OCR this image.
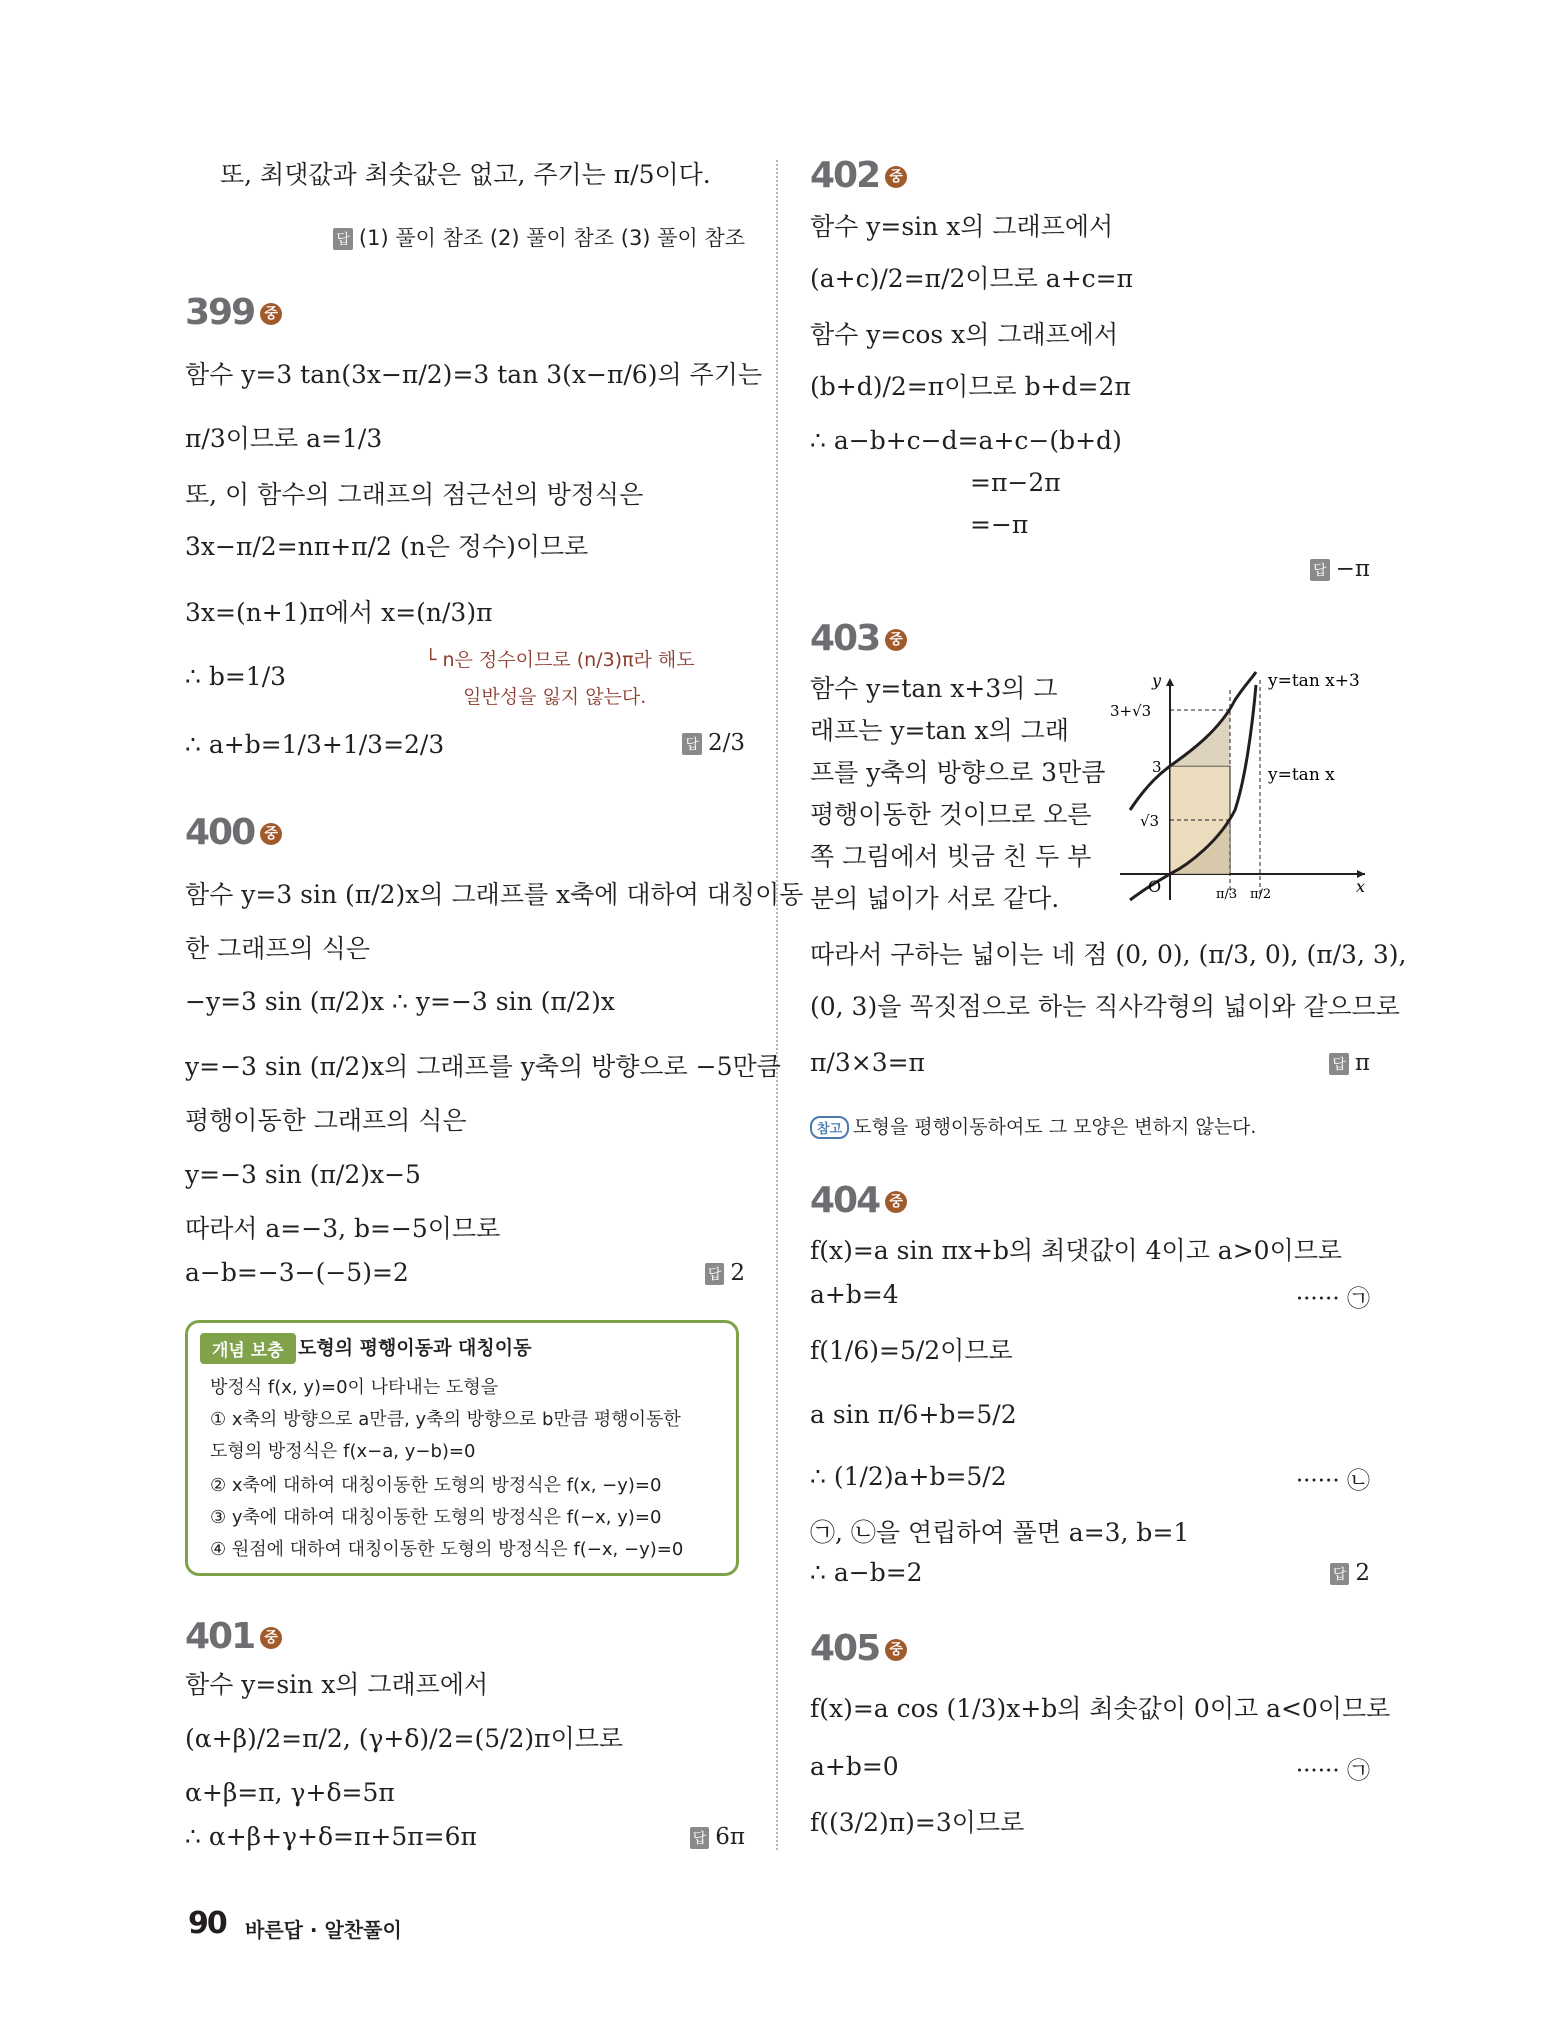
또, 최댓값과 최솟값은 없고, 주기는 π/5이다.
답 (1) 풀이 참조 (2) 풀이 참조 (3) 풀이 참조
399 중
함수 y=3 tan(3x−π/2)=3 tan 3(x−π/6)의 주기는
π/3이므로 a=1/3
또, 이 함수의 그래프의 점근선의 방정식은
3x−π/2=nπ+π/2 (n은 정수)이므로
3x=(n+1)π에서 x=(n/3)π
└ n은 정수이므로 (n/3)π라 해도
∴ b=1/3
일반성을 잃지 않는다.
∴ a+b=1/3+1/3=2/3	답 2/3
400 중
함수 y=3 sin (π/2)x의 그래프를 x축에 대하여 대칭이동
한 그래프의 식은
−y=3 sin (π/2)x ∴ y=−3 sin (π/2)x
y=−3 sin (π/2)x의 그래프를 y축의 방향으로 −5만큼
평행이동한 그래프의 식은
y=−3 sin (π/2)x−5
따라서 a=−3, b=−5이므로
a−b=−3−(−5)=2	답 2
개념 보충 도형의 평행이동과 대칭이동
방정식 f(x, y)=0이 나타내는 도형을
① x축의 방향으로 a만큼, y축의 방향으로 b만큼 평행이동한
도형의 방정식은 f(x−a, y−b)=0
② x축에 대하여 대칭이동한 도형의 방정식은 f(x, −y)=0
③ y축에 대하여 대칭이동한 도형의 방정식은 f(−x, y)=0
④ 원점에 대하여 대칭이동한 도형의 방정식은 f(−x, −y)=0
401 중
함수 y=sin x의 그래프에서
(α+β)/2=π/2, (γ+δ)/2=(5/2)π이므로
α+β=π, γ+δ=5π
∴ α+β+γ+δ=π+5π=6π	답 6π
402 중
함수 y=sin x의 그래프에서
(a+c)/2=π/2이므로 a+c=π
함수 y=cos x의 그래프에서
(b+d)/2=π이므로 b+d=2π
∴ a−b+c−d=a+c−(b+d)
=π−2π
=−π
답 −π
403 중
함수 y=tan x+3의 그
래프는 y=tan x의 그래
프를 y축의 방향으로 3만큼
평행이동한 것이므로 오른
쪽 그림에서 빗금 친 두 부
분의 넓이가 서로 같다.
y=tan x+3
y=tan x
y
x
O
3+√3
3
√3
π/3 π/2
따라서 구하는 넓이는 네 점 (0, 0), (π/3, 0), (π/3, 3),
(0, 3)을 꼭짓점으로 하는 직사각형의 넓이와 같으므로
π/3×3=π	답 π
참고 도형을 평행이동하여도 그 모양은 변하지 않는다.
404 중
f(x)=a sin πx+b의 최댓값이 4이고 a>0이므로
a+b=4	······ ㉠
f(1/6)=5/2이므로
a sin π/6+b=5/2
∴ (1/2)a+b=5/2	······ ㉡
㉠, ㉡을 연립하여 풀면 a=3, b=1
∴ a−b=2	답 2
405 중
f(x)=a cos (1/3)x+b의 최솟값이 0이고 a<0이므로
a+b=0	······ ㉠
f((3/2)π)=3이므로
90 바른답 · 알찬풀이
